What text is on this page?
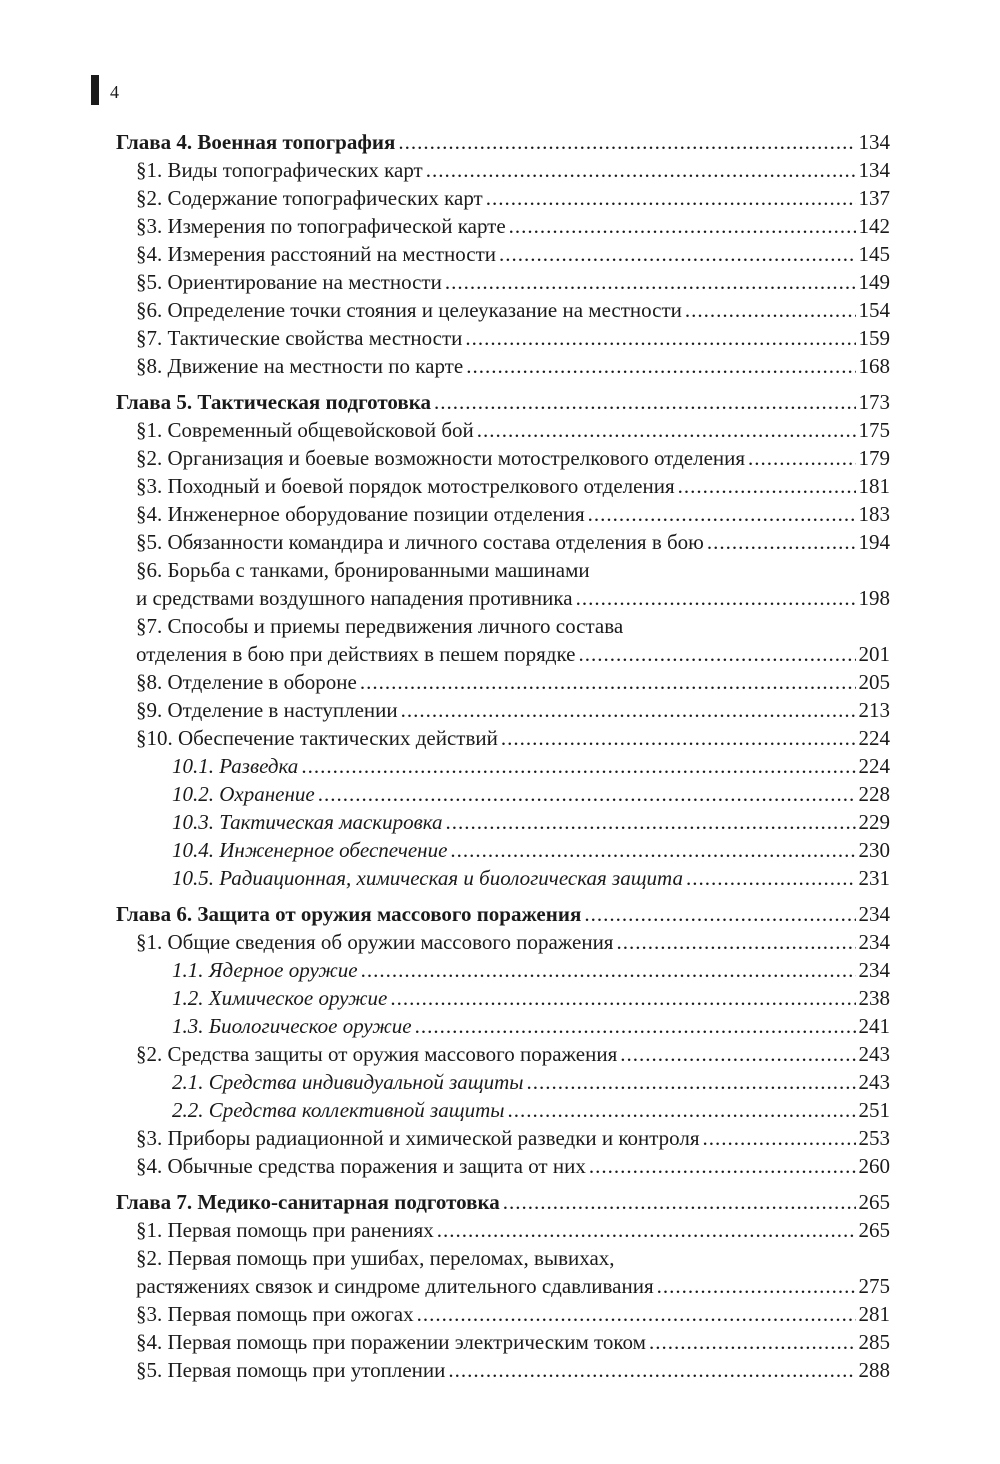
4
Глава 4. Военная топография .....	134
§1. Виды топографических карт .....	134
§2. Содержание топографических карт .....	137
§3. Измерения по топографической карте .....	142
§4. Измерения расстояний на местности .....	145
§5. Ориентирование на местности .....	149
§6. Определение точки стояния и целеуказание на местности .....	154
§7. Тактические свойства местности .....	159
§8. Движение на местности по карте .....	168
Глава 5. Тактическая подготовка .....	173
§1. Современный общевойсковой бой .....	175
§2. Организация и боевые возможности мотострелкового отделения .....	179
§3. Походный и боевой порядок мотострелкового отделения .....	181
§4. Инженерное оборудование позиции отделения .....	183
§5. Обязанности командира и личного состава отделения в бою .....	194
§6. Борьба с танками, бронированными машинами
и средствами воздушного нападения противника .....	198
§7. Способы и приемы передвижения личного состава
отделения в бою при действиях в пешем порядке .....	201
§8. Отделение в обороне .....	205
§9. Отделение в наступлении .....	213
§10. Обеспечение тактических действий .....	224
10.1. Разведка .....	224
10.2. Охранение .....	228
10.3. Тактическая маскировка .....	229
10.4. Инженерное обеспечение .....	230
10.5. Радиационная, химическая и биологическая защита .....	231
Глава 6. Защита от оружия массового поражения .....	234
§1. Общие сведения об оружии массового поражения .....	234
1.1. Ядерное оружие .....	234
1.2. Химическое оружие .....	238
1.3. Биологическое оружие .....	241
§2. Средства защиты от оружия массового поражения .....	243
2.1. Средства индивидуальной защиты .....	243
2.2. Средства коллективной защиты .....	251
§3. Приборы радиационной и химической разведки и контроля .....	253
§4. Обычные средства поражения и защита от них .....	260
Глава 7. Медико-санитарная подготовка .....	265
§1. Первая помощь при ранениях .....	265
§2. Первая помощь при ушибах, переломах, вывихах,
растяжениях связок и синдроме длительного сдавливания .....	275
§3. Первая помощь при ожогах .....	281
§4. Первая помощь при поражении электрическим током .....	285
§5. Первая помощь при утоплении .....	288
